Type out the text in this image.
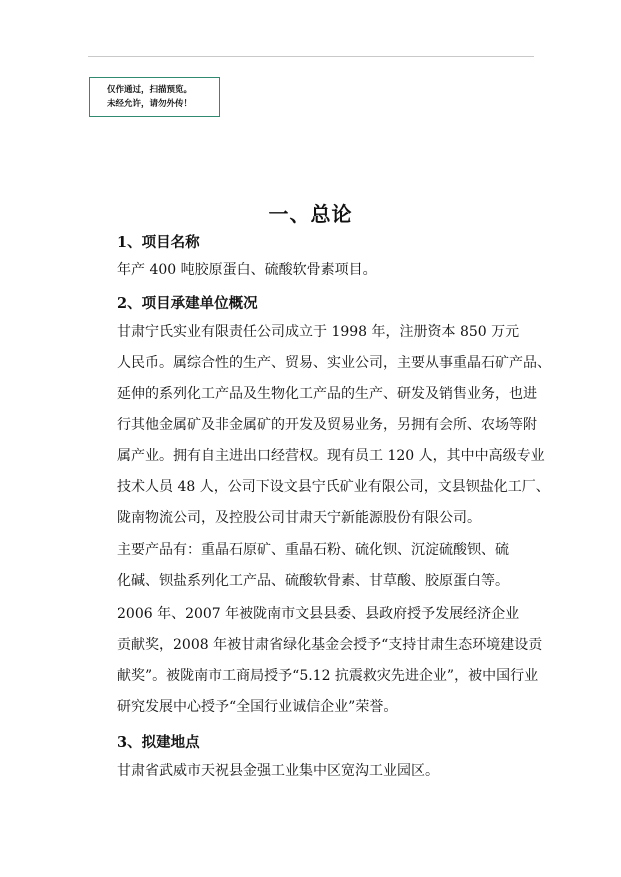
仅作通过，扫描预览。
未经允许，请勿外传！
一、总论
1、项目名称
年产 400 吨胶原蛋白、硫酸软骨素项目。
2、项目承建单位概况
甘肃宁氏实业有限责任公司成立于 1998 年，注册资本 850 万元
人民币。属综合性的生产、贸易、实业公司，主要从事重晶石矿产品、
延伸的系列化工产品及生物化工产品的生产、研发及销售业务，也进
行其他金属矿及非金属矿的开发及贸易业务，另拥有会所、农场等附
属产业。拥有自主进出口经营权。现有员工 120 人，其中中高级专业
技术人员 48 人，公司下设文县宁氏矿业有限公司，文县钡盐化工厂、
陇南物流公司，及控股公司甘肃天宁新能源股份有限公司。
主要产品有：重晶石原矿、重晶石粉、硫化钡、沉淀硫酸钡、硫
化碱、钡盐系列化工产品、硫酸软骨素、甘草酸、胶原蛋白等。
2006 年、2007 年被陇南市文县县委、县政府授予发展经济企业
贡献奖，2008 年被甘肃省绿化基金会授予“支持甘肃生态环境建设贡
献奖”。被陇南市工商局授予“5.12 抗震救灾先进企业”，被中国行业
研究发展中心授予“全国行业诚信企业”荣誉。
3、拟建地点
甘肃省武威市天祝县金强工业集中区宽沟工业园区。
